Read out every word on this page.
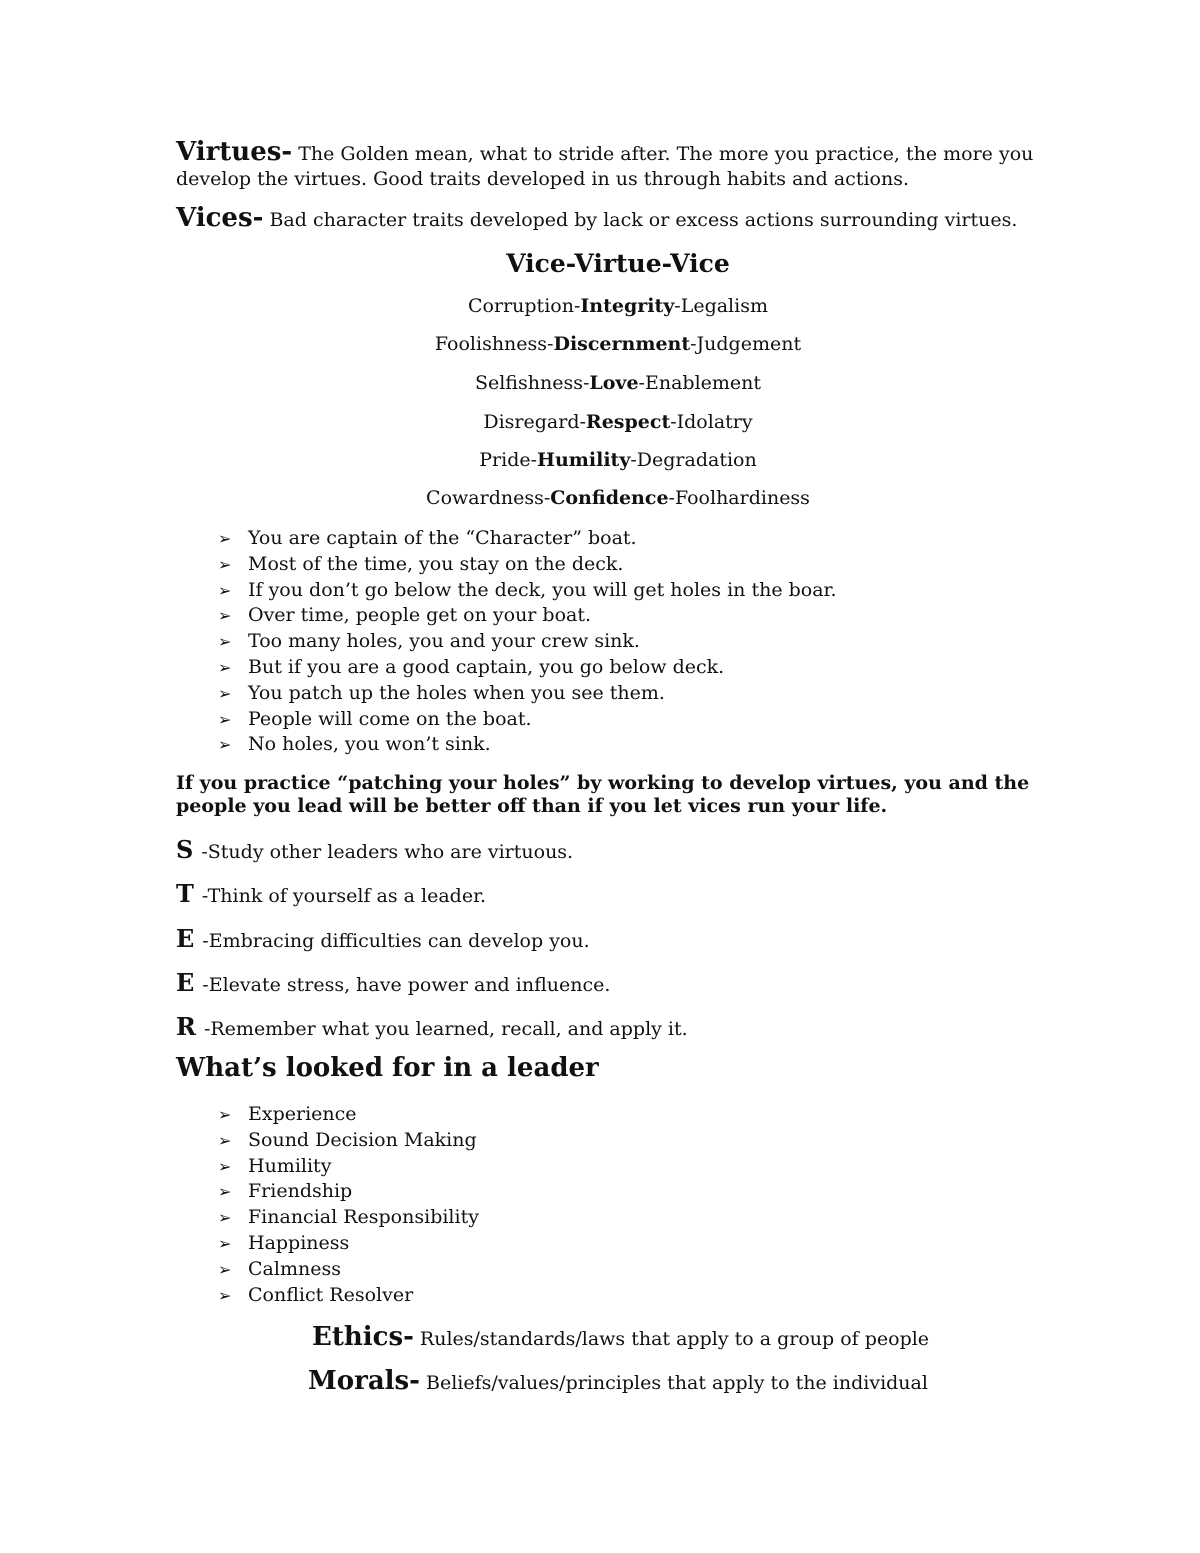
Virtues- The Golden mean, what to stride after. The more you practice, the more you
develop the virtues. Good traits developed in us through habits and actions.
Vices- Bad character traits developed by lack or excess actions surrounding virtues.
Vice-Virtue-Vice
Corruption-Integrity-Legalism
Foolishness-Discernment-Judgement
Selfishness-Love-Enablement
Disregard-Respect-Idolatry
Pride-Humility-Degradation
Cowardness-Confidence-Foolhardiness
➢ You are captain of the “Character” boat.
➢ Most of the time, you stay on the deck.
➢ If you don’t go below the deck, you will get holes in the boar.
➢ Over time, people get on your boat.
➢ Too many holes, you and your crew sink.
➢ But if you are a good captain, you go below deck.
➢ You patch up the holes when you see them.
➢ People will come on the boat.
➢ No holes, you won’t sink.
If you practice “patching your holes” by working to develop virtues, you and the
people you lead will be better off than if you let vices run your life.
S -Study other leaders who are virtuous.
T -Think of yourself as a leader.
E -Embracing difficulties can develop you.
E -Elevate stress, have power and influence.
R -Remember what you learned, recall, and apply it.
What’s looked for in a leader
➢ Experience
➢ Sound Decision Making
➢ Humility
➢ Friendship
➢ Financial Responsibility
➢ Happiness
➢ Calmness
➢ Conflict Resolver
Ethics- Rules/standards/laws that apply to a group of people
Morals- Beliefs/values/principles that apply to the individual
